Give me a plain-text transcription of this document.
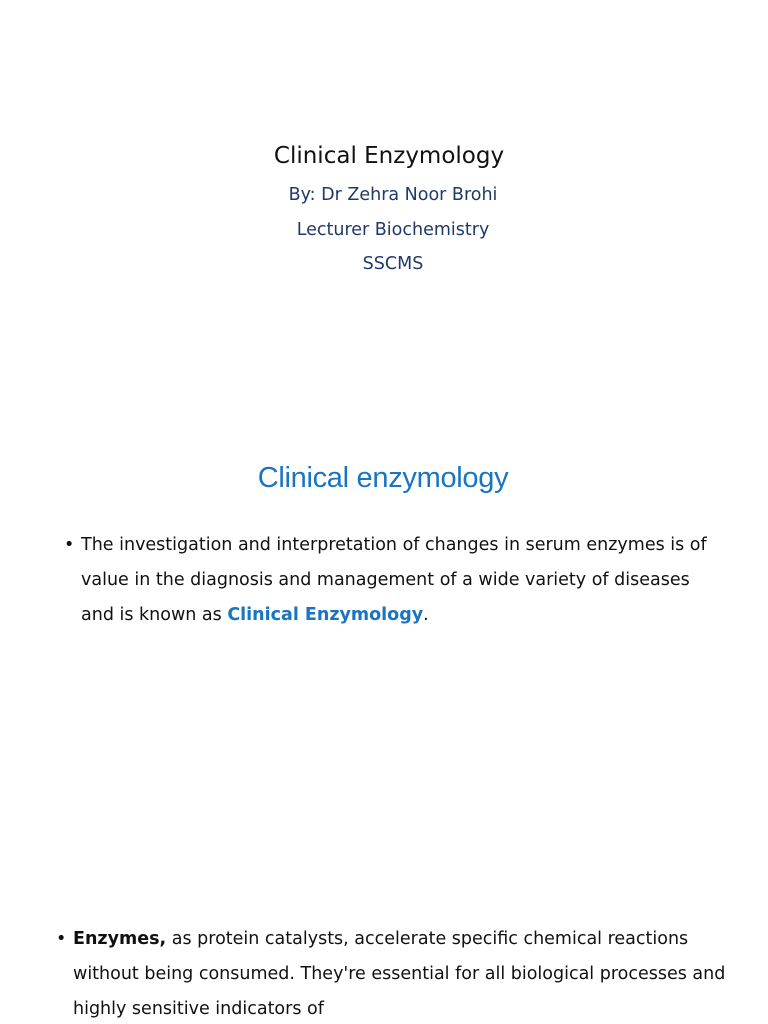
Clinical Enzymology
By: Dr Zehra Noor Brohi
Lecturer Biochemistry
SSCMS
Clinical enzymology
• The investigation and interpretation of changes in serum enzymes is of value in the diagnosis and management of a wide variety of diseases and is known as Clinical Enzymology.
• Enzymes, as protein catalysts, accelerate specific chemical reactions without being consumed. They're essential for all biological processes and highly sensitive indicators of
